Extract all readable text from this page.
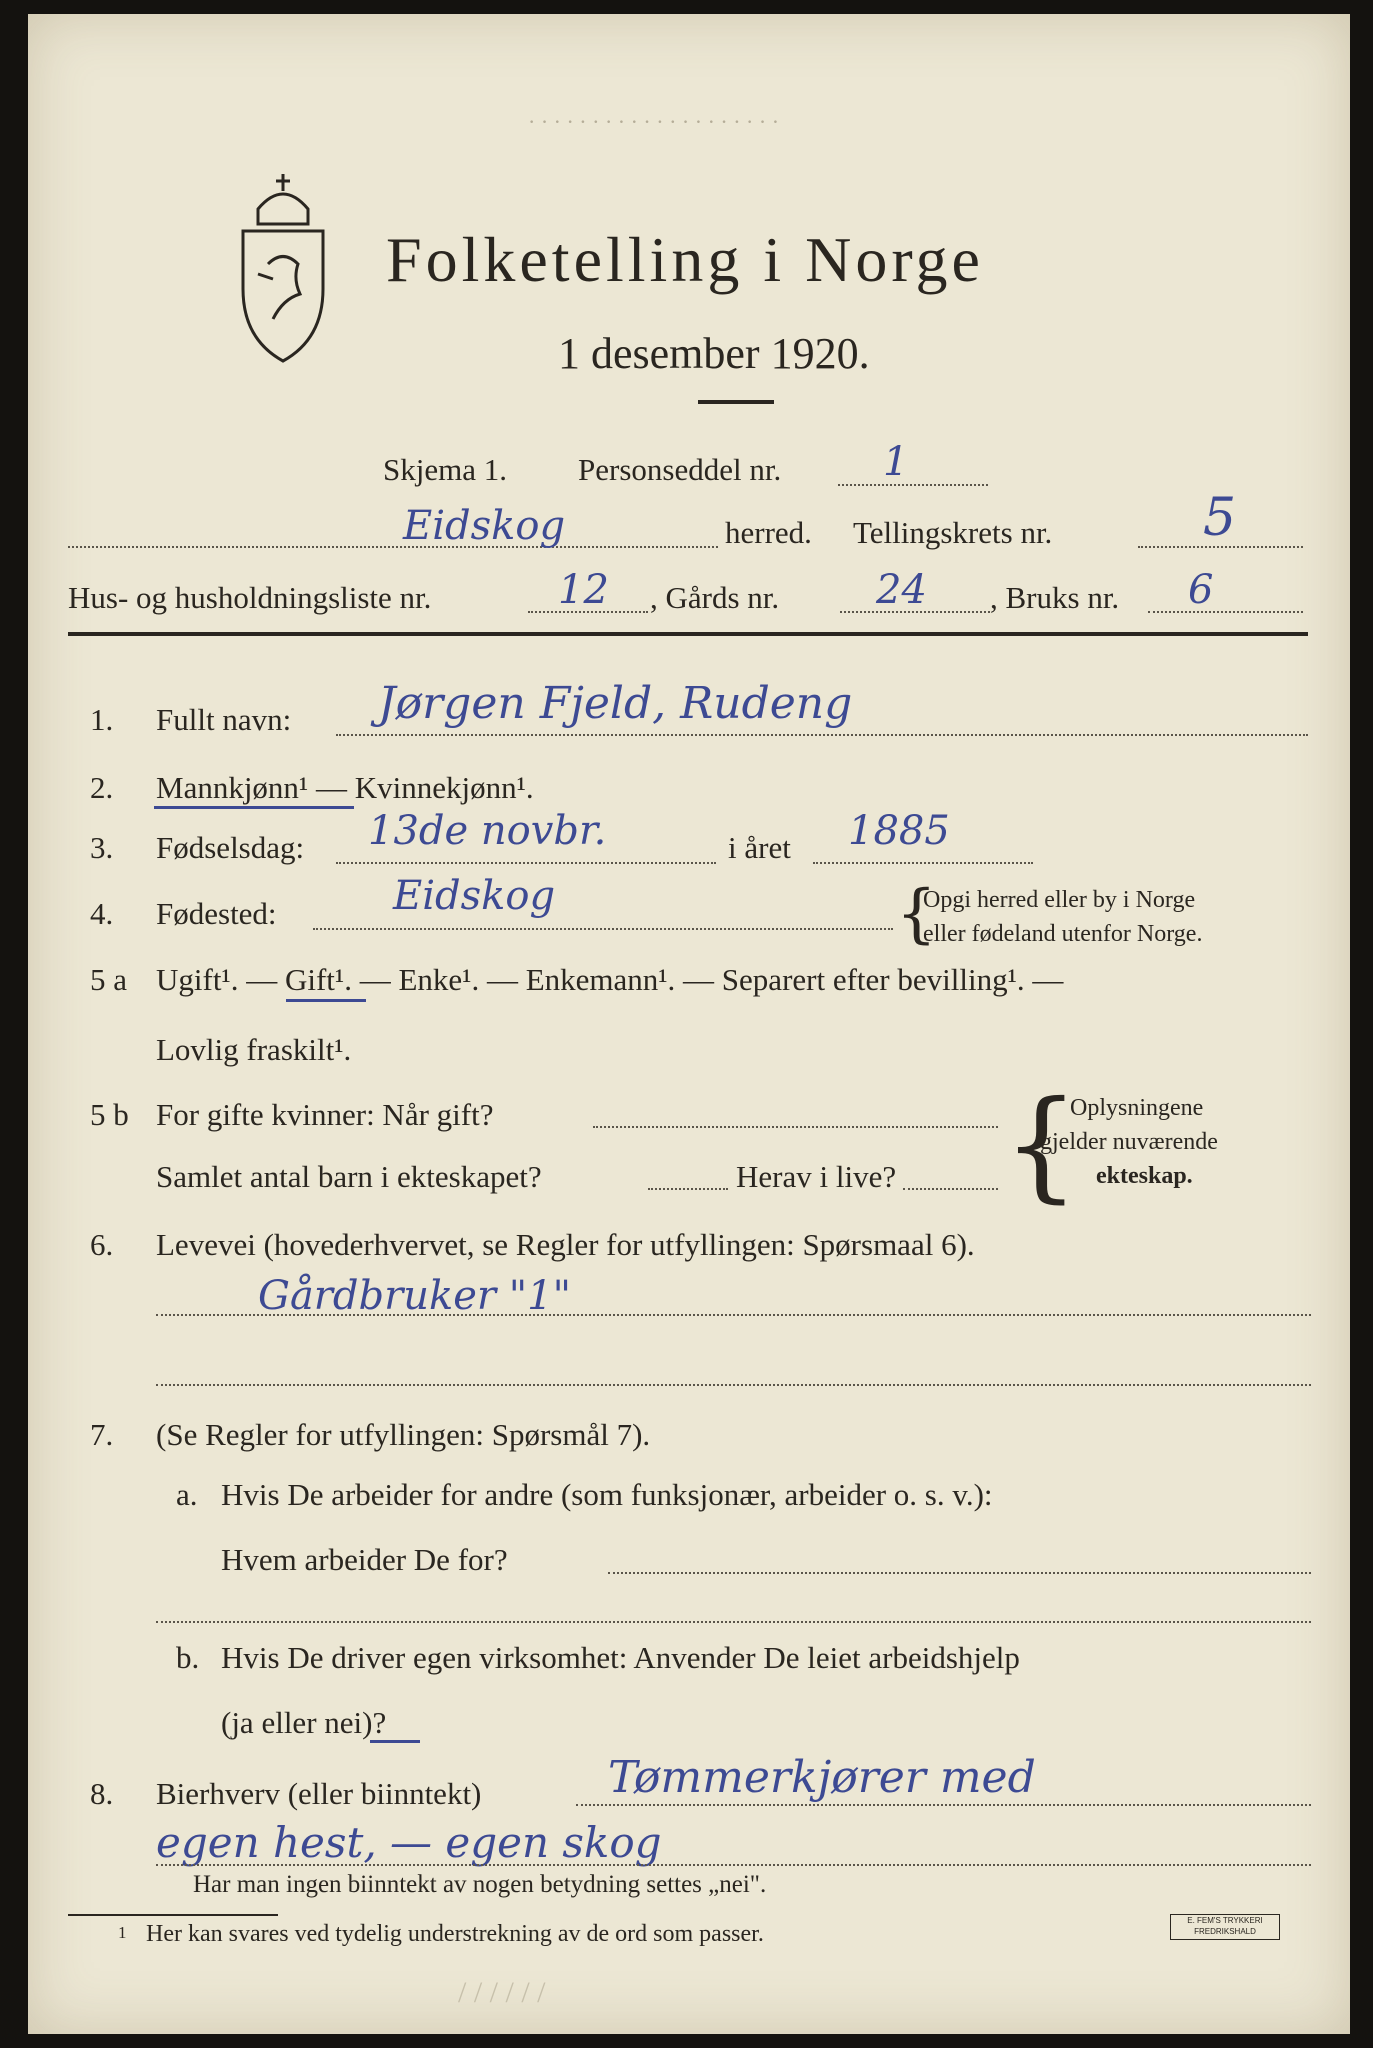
· · · · · · · · · · · · · · · · · · · ·
Folketelling i Norge
1 desember 1920.
Skjema 1. Personseddel nr.	1
Eidskog	herred. Tellingskrets nr.	5
Hus- og husholdningsliste nr.	12 , Gårds nr. 24 , Bruks nr. 6
1. Fullt navn: Jørgen Fjeld, Rudeng
2. Mannkjønn¹ — Kvinnekjønn¹.
3. Fødselsdag: 13de novbr.	i året 1885
4. Fødested:	Eidskog	{
Opgi herred eller by i Norge
eller fødeland utenfor Norge.
5 a Ugift¹. — Gift¹. — Enke¹. — Enkemann¹. — Separert efter bevilling¹. —
Lovlig fraskilt¹.
5 b For gifte kvinner: Når gift?
Samlet antal barn i ekteskapet?	Herav i live? {
Oplysningene
gjelder nuværende
ekteskap.
6. Levevei (hovederhvervet, se Regler for utfyllingen: Spørsmaal 6).
Gårdbruker "1"
7. (Se Regler for utfyllingen: Spørsmål 7).
a. Hvis De arbeider for andre (som funksjonær, arbeider o. s. v.):
Hvem arbeider De for?
b. Hvis De driver egen virksomhet: Anvender De leiet arbeidshjelp
(ja eller nei)?
8. Bierhverv (eller biinntekt)	Tømmerkjører med
egen hest, — egen skog
Har man ingen biinntekt av nogen betydning settes „nei".
1 Her kan svares ved tydelig understrekning av de ord som passer.
E. FEM'S TRYKKERI FREDRIKSHALD
/ / / / / /
